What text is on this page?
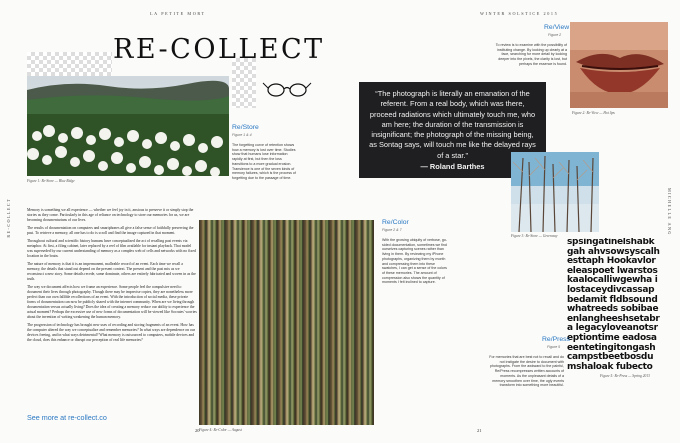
LA PETITE MORT	WINTER SOLSTICE 2015
RE-COLLECT	MICHELLE ANG
RE-COLLECT
Figure 1: Re-Store — Blue Ridge
Re/Store
Figure 1 & 4
The forgetting curve of retention shows how a memory is lost over time. Studies show that humans lose information rapidly at first, but then the loss transitions to a more gradual erosion. Transience is one of the seven kinds of memory failures, which is the process of forgetting due to the passage of time.

Memory is something we all experience — whether we feel joy in it, anxious to preserve it or simply stop the stories as they come. Particularly in this age of reliance on technology to store our memories for us, we are becoming documentarians of our lives.

The results of documentation on computers and smartphones all give a false sense of faithfully preserving the past. To retrieve a memory, all one has to do is scroll and find the image captured in that moment.

Throughout cultural and scientific history humans have conceptualized the act of recalling past events via metaphor. At first, a filing cabinet, later replaced by a reel of film available for instant playback. That model was superseded by our current understanding of memory as a complex web of cells and networks with no fixed location in the brain.

The nature of memory is that it is an impermanent, malleable record of an event. Each time we recall a memory, the details that stand out depend on the present context. The present and the past mix as we reconstruct a new story. Some details recede, some dominate, others are entirely fabricated and woven in as the truth.

The way we document affects how we frame an experience. Some people feel the compulsive need to document their lives through photography. Though there may be imprecise copies, they are nonetheless more perfect than our own fallible recollections of an event. With the introduction of social media, these private forms of documentation can now be publicly shared with the internet community. When are we living through documentation versus actually living? Does the idea of creating a memory reduce our ability to experience the actual moment? Perhaps the excessive use of new forms of documentation will be viewed like Socrates' worries about the invention of writing weakening the human memory.

The progression of technology has brought new uses of recording and storing fragments of an event. How has the computer altered the way we conceptualize and remember memories? In what ways are dependence on our devices freeing, and in what ways detrimental? What memory is outsourced to computers, mobile devices and the cloud, does this enhance or disrupt our perception of real life memories?

See more at re-collect.co
Figure 4: Re-Color — August
Re/Color
Figure 2 & 7
With the growing ubiquity of verbose, go-sided documentation, sometimes we find ourselves capturing scenes rather than living in them. By reviewing my iPhone photographs, organizing them by month and compressing them into these swatches, I can get a sense of the colors of these memories. The amount of compression also shows the quantity of moments I felt inclined to capture.
20	21
Re/View
Figure 2
To review is to examine with the possibility of instituting change. By looking up clearly at a face, searching for more detail by looking deeper into the pixels, the clarity is lost, but perhaps the essence is found.
Figure 2: Re-View — Hot lips
“The photograph is literally an emanation of the referent. From a real body, which was there, proceed radiations which ultimately touch me, who am here; the duration of the transmission is insignificant; the photograph of the missing being, as Sontag says, will touch me like the delayed rays of a star.”
— Roland Barthes
Figure 3: Re-Store — Greenway
spsingatinelshabkgah ahvsowsyscalhesttaph Hookavloreleaspoet lwarstoskaalocalliwgewha ilostaceydivcassapbedamit fldbsoundwhatreeds sobibaeenlangheeshsetabra legacyloveanotsreptiontime eadosaeentetingitongash campstbeetbosdumshaloak fubecto
Re/Press
Figure 5
For memories that are best not to recall and do not instigate the desire to document with photographs. From the awkward to the painful, Re/Press recompresses written accounts of moments. As the unpleasant details of a memory smoothen over time, the ugly events transform into something more beautiful.
Figure 5: Re-Press — Spring 2013
